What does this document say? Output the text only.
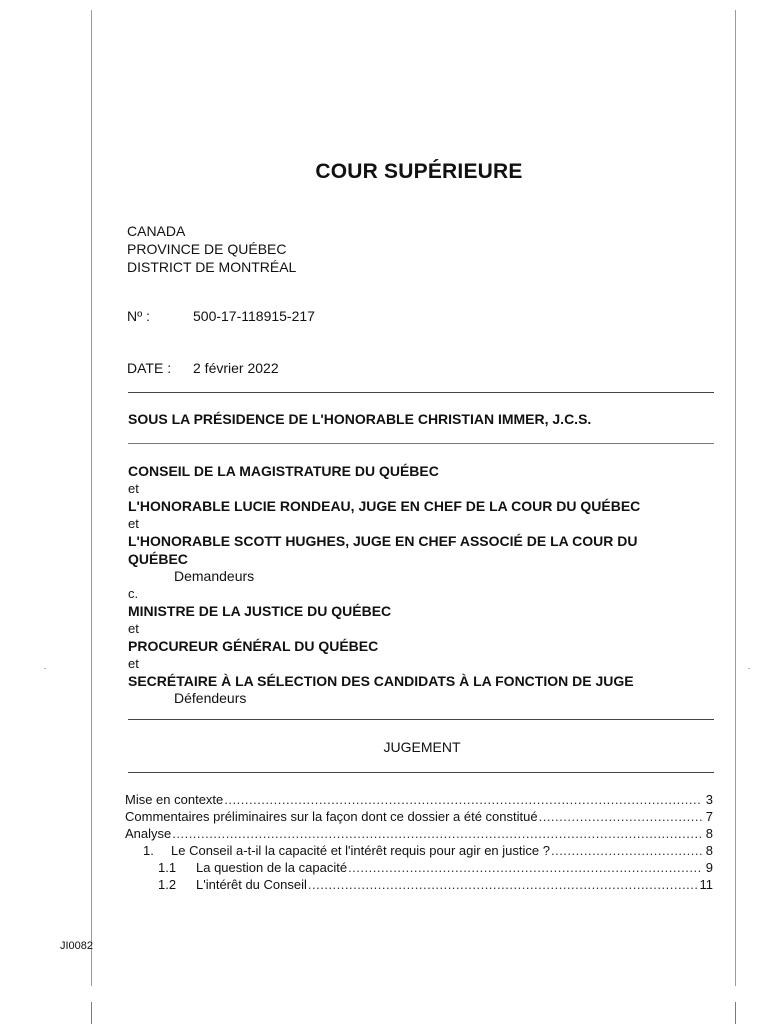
COUR SUPÉRIEURE
CANADA
PROVINCE DE QUÉBEC
DISTRICT DE MONTRÉAL
Nº :	500-17-118915-217
DATE : 2 février 2022
SOUS LA PRÉSIDENCE DE L'HONORABLE CHRISTIAN IMMER, J.C.S.
CONSEIL DE LA MAGISTRATURE DU QUÉBEC
et
L'HONORABLE LUCIE RONDEAU, JUGE EN CHEF DE LA COUR DU QUÉBEC
et
L'HONORABLE SCOTT HUGHES, JUGE EN CHEF ASSOCIÉ DE LA COUR DU
QUÉBEC
Demandeurs
c.
MINISTRE DE LA JUSTICE DU QUÉBEC
et
PROCUREUR GÉNÉRAL DU QUÉBEC
et
SECRÉTAIRE À LA SÉLECTION DES CANDIDATS À LA FONCTION DE JUGE
Défendeurs
JUGEMENT
Mise en contexte .....	3
Commentaires préliminaires sur la façon dont ce dossier a été constitué .....	7
Analyse .....	8
1.	Le Conseil a-t-il la capacité et l'intérêt requis pour agir en justice ? .....	8
1.1	La question de la capacité .....	9
1.2	L'intérêt du Conseil .....	11
JI0082
